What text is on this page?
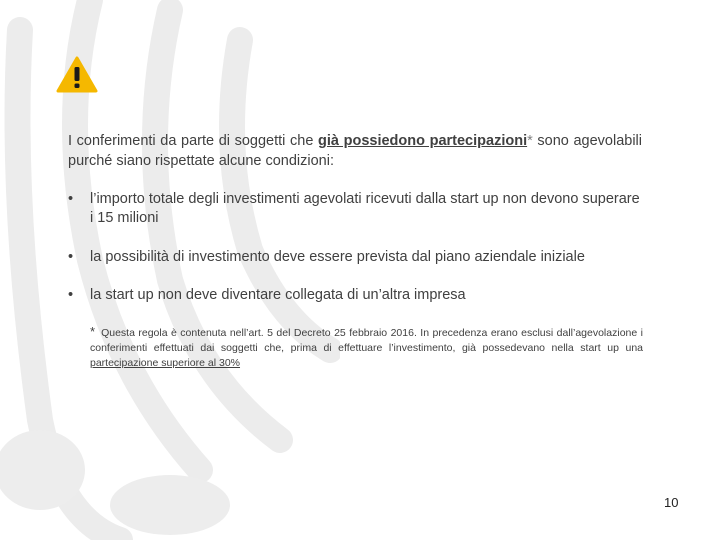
I conferimenti da parte di soggetti che già possiedono partecipazioni* sono agevolabili purché siano rispettate alcune condizioni:

• l’importo totale degli investimenti agevolati ricevuti dalla start up non devono superare i 15 milioni
• la possibilità di investimento deve essere prevista dal piano aziendale iniziale
• la start up non deve diventare collegata di un’altra impresa

* Questa regola è contenuta nell’art. 5 del Decreto 25 febbraio 2016. In precedenza erano esclusi dall’agevolazione i conferimenti effettuati dai soggetti che, prima di effettuare l’investimento, già possedevano nella start up una partecipazione superiore al 30%

10
